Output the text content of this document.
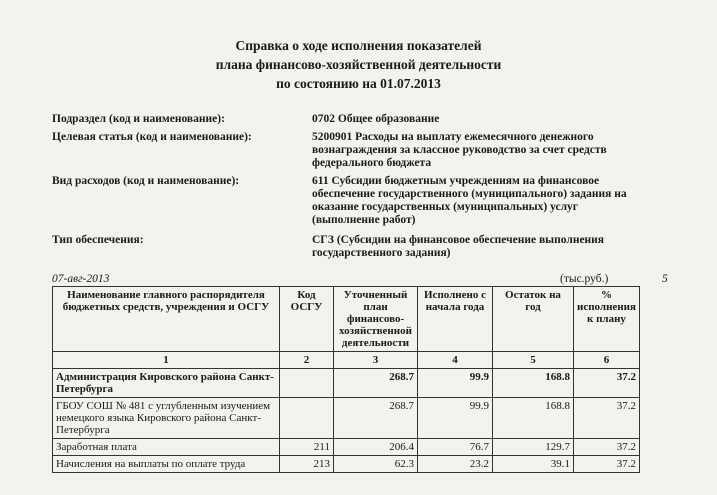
Справка о ходе исполнения показателей
плана финансово-хозяйственной деятельности
по состоянию на 01.07.2013
Подраздел (код и наименование):	0702 Общее образование
Целевая статья (код и наименование):	5200901 Расходы на выплату ежемесячного денежного вознаграждения за классное руководство за счет средств федерального бюджета
Вид расходов (код и наименование):	611 Субсидии бюджетным учреждениям на финансовое обеспечение государственного (муниципального) задания на оказание государственных (муниципальных) услуг (выполнение работ)
Тип обеспечения:	СГЗ (Субсидии на финансовое обеспечение выполнения государственного задания)
07-авг-2013	(тыс.руб.)	5
Наименование главного распорядителя бюджетных средств, учреждения и ОСГУ	Код ОСГУ	Уточненный план финансово-хозяйственной деятельности	Исполнено с начала года	Остаток на год	% исполнения к плану
1	2	3	4	5	6
Администрация Кировского района Санкт-Петербурга		268.7	99.9	168.8	37.2
ГБОУ СОШ № 481 с углубленным изучением немецкого языка Кировского района Санкт-Петербурга		268.7	99.9	168.8	37.2
Заработная плата	211	206.4	76.7	129.7	37.2
Начисления на выплаты по оплате труда	213	62.3	23.2	39.1	37.2
